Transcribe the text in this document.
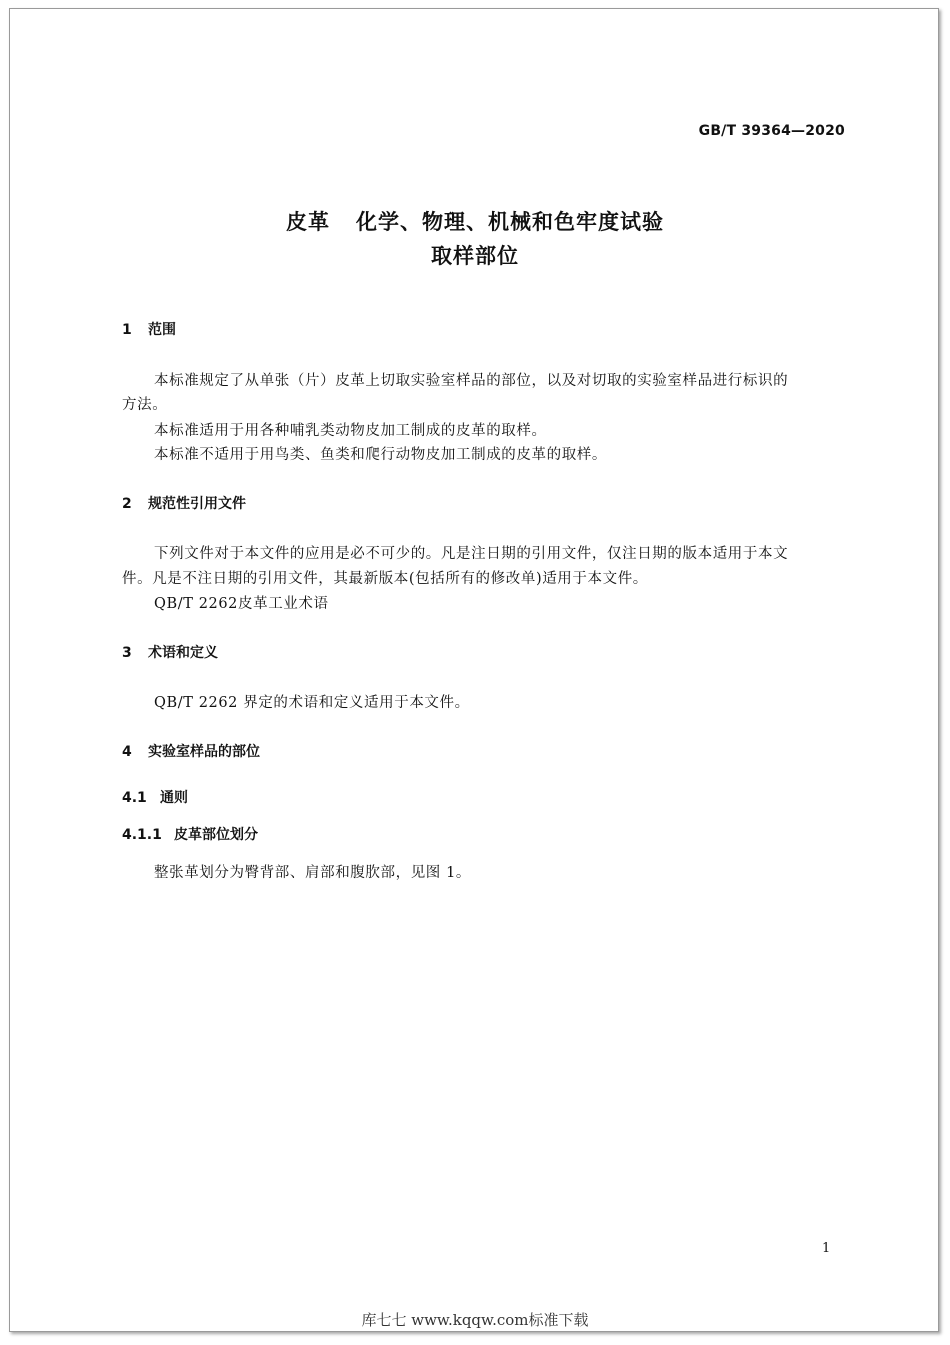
GB/T 39364—2020
皮革 化学、物理、机械和色牢度试验
取样部位
1 范围
本标准规定了从单张（片）皮革上切取实验室样品的部位，以及对切取的实验室样品进行标识的
方法。
本标准适用于用各种哺乳类动物皮加工制成的皮革的取样。
本标准不适用于用鸟类、鱼类和爬行动物皮加工制成的皮革的取样。
2 规范性引用文件
下列文件对于本文件的应用是必不可少的。凡是注日期的引用文件，仅注日期的版本适用于本文
件。凡是不注日期的引用文件，其最新版本(包括所有的修改单)适用于本文件。
QB/T 2262皮革工业术语
3 术语和定义
QB/T 2262 界定的术语和定义适用于本文件。
4 实验室样品的部位
4.1 通则
4.1.1 皮革部位划分
整张革划分为臀背部、肩部和腹肷部，见图 1。
1
库七七 www.kqqw.com标准下载
